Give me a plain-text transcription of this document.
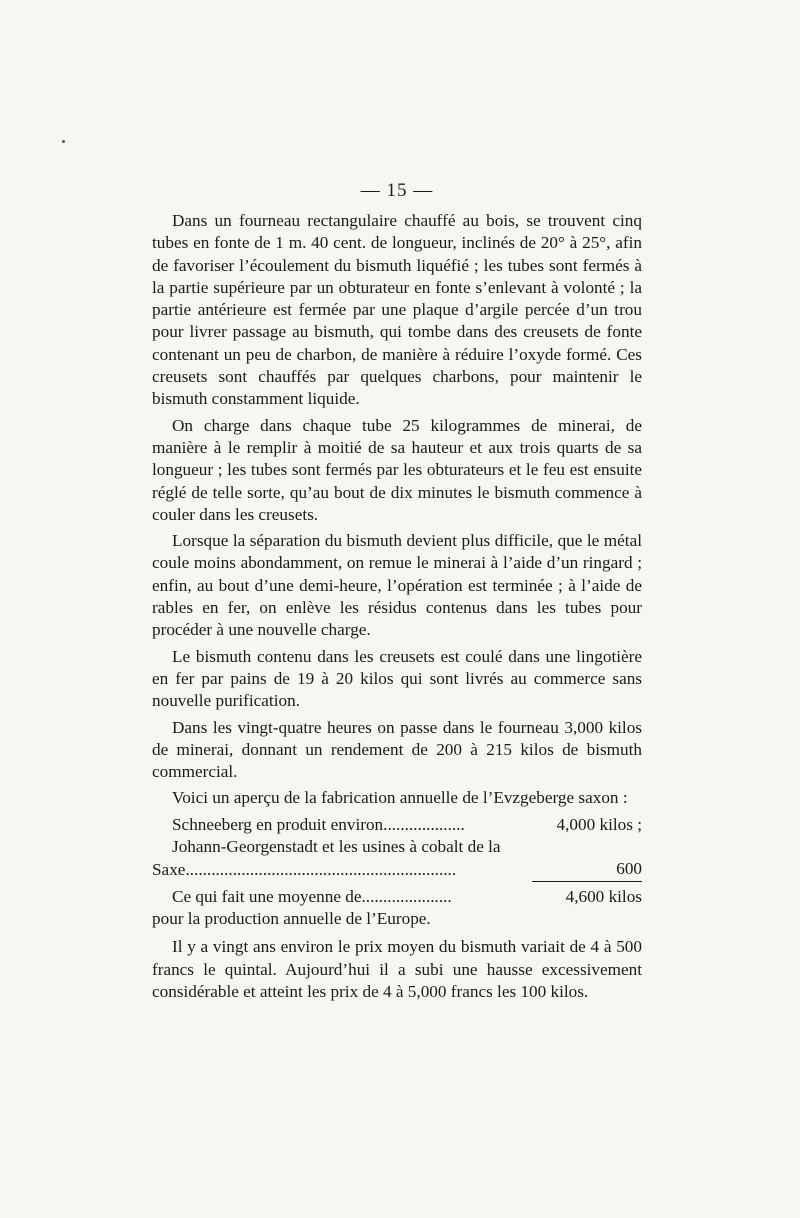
— 15 —

Dans un fourneau rectangulaire chauffé au bois, se trouvent cinq tubes en fonte de 1 m. 40 cent. de longueur, inclinés de 20° à 25°, afin de favoriser l’écoulement du bismuth liquéfié ; les tubes sont fermés à la partie supérieure par un obturateur en fonte s’enlevant à volonté ; la partie antérieure est fermée par une plaque d’argile percée d’un trou pour livrer passage au bismuth, qui tombe dans des creusets de fonte contenant un peu de charbon, de manière à réduire l’oxyde formé. Ces creusets sont chauffés par quelques charbons, pour maintenir le bismuth constamment liquide.

On charge dans chaque tube 25 kilogrammes de minerai, de manière à le remplir à moitié de sa hauteur et aux trois quarts de sa longueur ; les tubes sont fermés par les obturateurs et le feu est ensuite réglé de telle sorte, qu’au bout de dix minutes le bismuth commence à couler dans les creusets.

Lorsque la séparation du bismuth devient plus difficile, que le métal coule moins abondamment, on remue le minerai à l’aide d’un ringard ; enfin, au bout d’une demi-heure, l’opération est terminée ; à l’aide de rables en fer, on enlève les résidus contenus dans les tubes pour procéder à une nouvelle charge.

Le bismuth contenu dans les creusets est coulé dans une lingotière en fer par pains de 19 à 20 kilos qui sont livrés au commerce sans nouvelle purification.

Dans les vingt-quatre heures on passe dans le fourneau 3,000 kilos de minerai, donnant un rendement de 200 à 215 kilos de bismuth commercial.

Voici un aperçu de la fabrication annuelle de l’Evzgeberge saxon :

Schneeberg en produit environ...................	4,000 kilos ;
Johann-Georgenstadt et les usines à cobalt de la	
Saxe...............................................................	600
Ce qui fait une moyenne de.....................	4,600 kilos

pour la production annuelle de l’Europe.

Il y a vingt ans environ le prix moyen du bismuth variait de 4 à 500 francs le quintal. Aujourd’hui il a subi une hausse excessivement considérable et atteint les prix de 4 à 5,000 francs les 100 kilos.
